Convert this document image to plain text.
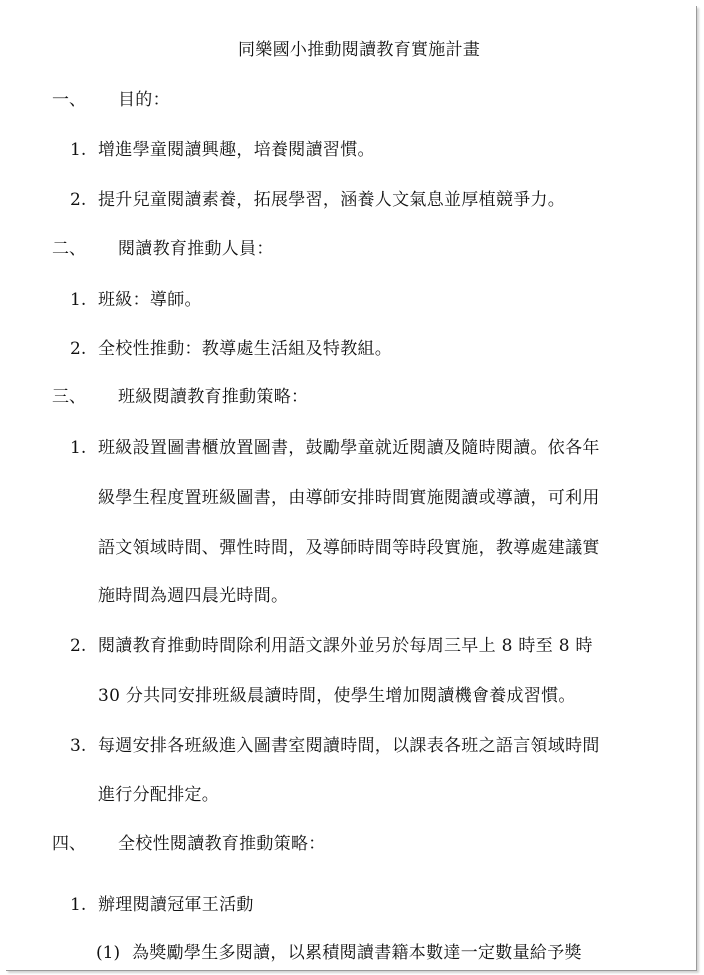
同樂國小推動閱讀教育實施計畫
一、 目的：
1. 增進學童閱讀興趣，培養閱讀習慣。
2. 提升兒童閱讀素養，拓展學習，涵養人文氣息並厚植競爭力。
二、 閱讀教育推動人員：
1. 班級：導師。
2. 全校性推動：教導處生活組及特教組。
三、 班級閱讀教育推動策略：
1. 班級設置圖書櫃放置圖書，鼓勵學童就近閱讀及隨時閱讀。依各年
級學生程度置班級圖書，由導師安排時間實施閱讀或導讀，可利用
語文領域時間、彈性時間，及導師時間等時段實施，教導處建議實
施時間為週四晨光時間。
2. 閱讀教育推動時間除利用語文課外並另於每周三早上 8 時至 8 時
30 分共同安排班級晨讀時間，使學生增加閱讀機會養成習慣。
3. 每週安排各班級進入圖書室閱讀時間，以課表各班之語言領域時間
進行分配排定。
四、 全校性閱讀教育推動策略：
1. 辦理閱讀冠軍王活動
(1) 為獎勵學生多閱讀，以累積閱讀書籍本數達一定數量給予獎
